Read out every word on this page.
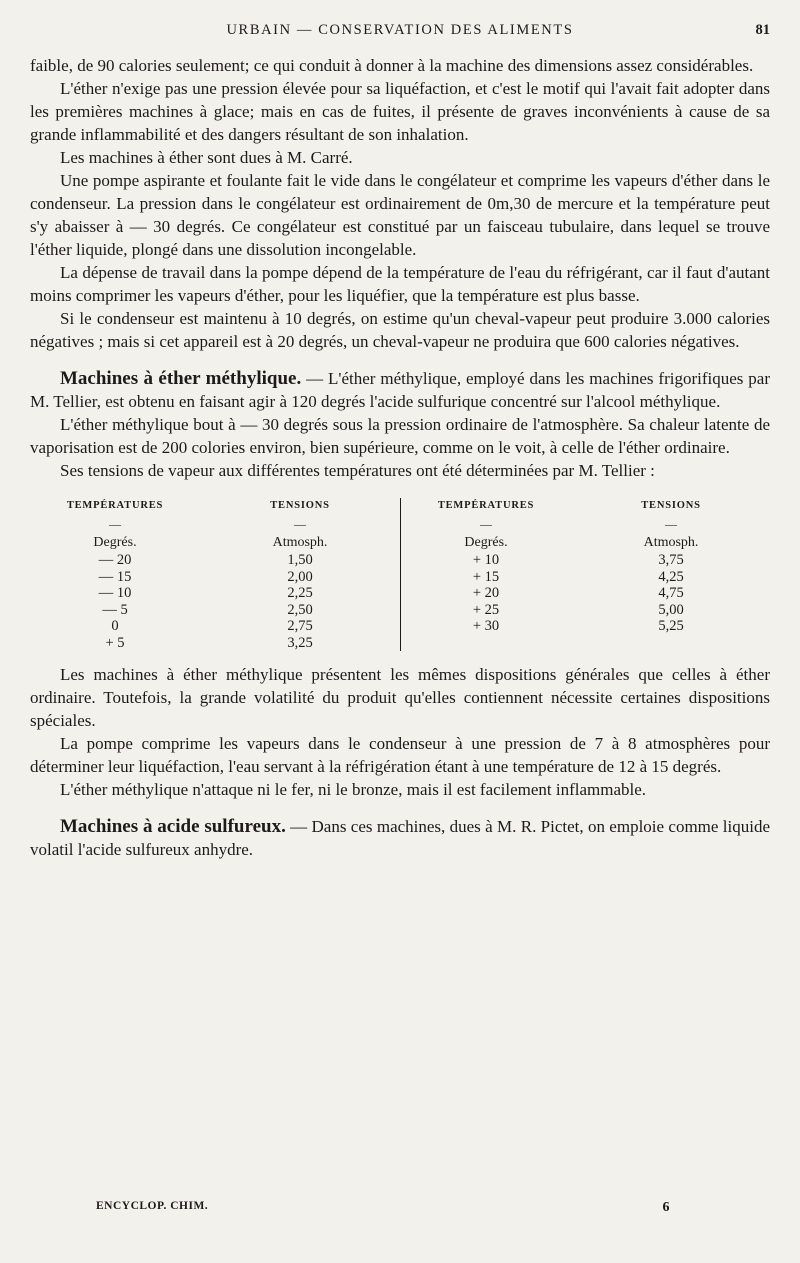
URBAIN — CONSERVATION DES ALIMENTS	81

faible, de 90 calories seulement; ce qui conduit à donner à la machine des dimensions assez considérables.

L'éther n'exige pas une pression élevée pour sa liquéfaction, et c'est le motif qui l'avait fait adopter dans les premières machines à glace; mais en cas de fuites, il présente de graves inconvénients à cause de sa grande inflammabilité et des dangers résultant de son inhalation.

Les machines à éther sont dues à M. Carré.

Une pompe aspirante et foulante fait le vide dans le congélateur et comprime les vapeurs d'éther dans le condenseur. La pression dans le congélateur est ordinairement de 0m,30 de mercure et la température peut s'y abaisser à — 30 degrés. Ce congélateur est constitué par un faisceau tubulaire, dans lequel se trouve l'éther liquide, plongé dans une dissolution incongelable.

La dépense de travail dans la pompe dépend de la température de l'eau du réfrigérant, car il faut d'autant moins comprimer les vapeurs d'éther, pour les liquéfier, que la température est plus basse.

Si le condenseur est maintenu à 10 degrés, on estime qu'un cheval-vapeur peut produire 3.000 calories négatives ; mais si cet appareil est à 20 degrés, un cheval-vapeur ne produira que 600 calories négatives.

Machines à éther méthylique. — L'éther méthylique, employé dans les machines frigorifiques par M. Tellier, est obtenu en faisant agir à 120 degrés l'acide sulfurique concentré sur l'alcool méthylique.

L'éther méthylique bout à — 30 degrés sous la pression ordinaire de l'atmosphère. Sa chaleur latente de vaporisation est de 200 colories environ, bien supérieure, comme on le voit, à celle de l'éther ordinaire.

Ses tensions de vapeur aux différentes températures ont été déterminées par M. Tellier :

TEMPÉRATURES	TENSIONS
—	—
Degrés.	Atmosph.
— 20	1,50
— 15	2,00
— 10	2,25
— 5	2,50
0	2,75
+ 5	3,25
TEMPÉRATURES	TENSIONS
—	—
Degrés.	Atmosph.
+ 10	3,75
+ 15	4,25
+ 20	4,75
+ 25	5,00
+ 30	5,25

Les machines à éther méthylique présentent les mêmes dispositions générales que celles à éther ordinaire. Toutefois, la grande volatilité du produit qu'elles contiennent nécessite certaines dispositions spéciales.

La pompe comprime les vapeurs dans le condenseur à une pression de 7 à 8 atmosphères pour déterminer leur liquéfaction, l'eau servant à la réfrigération étant à une température de 12 à 15 degrés.

L'éther méthylique n'attaque ni le fer, ni le bronze, mais il est facilement inflammable.

Machines à acide sulfureux. — Dans ces machines, dues à M. R. Pictet, on emploie comme liquide volatil l'acide sulfureux anhydre.

ENCYCLOP. CHIM.	6
